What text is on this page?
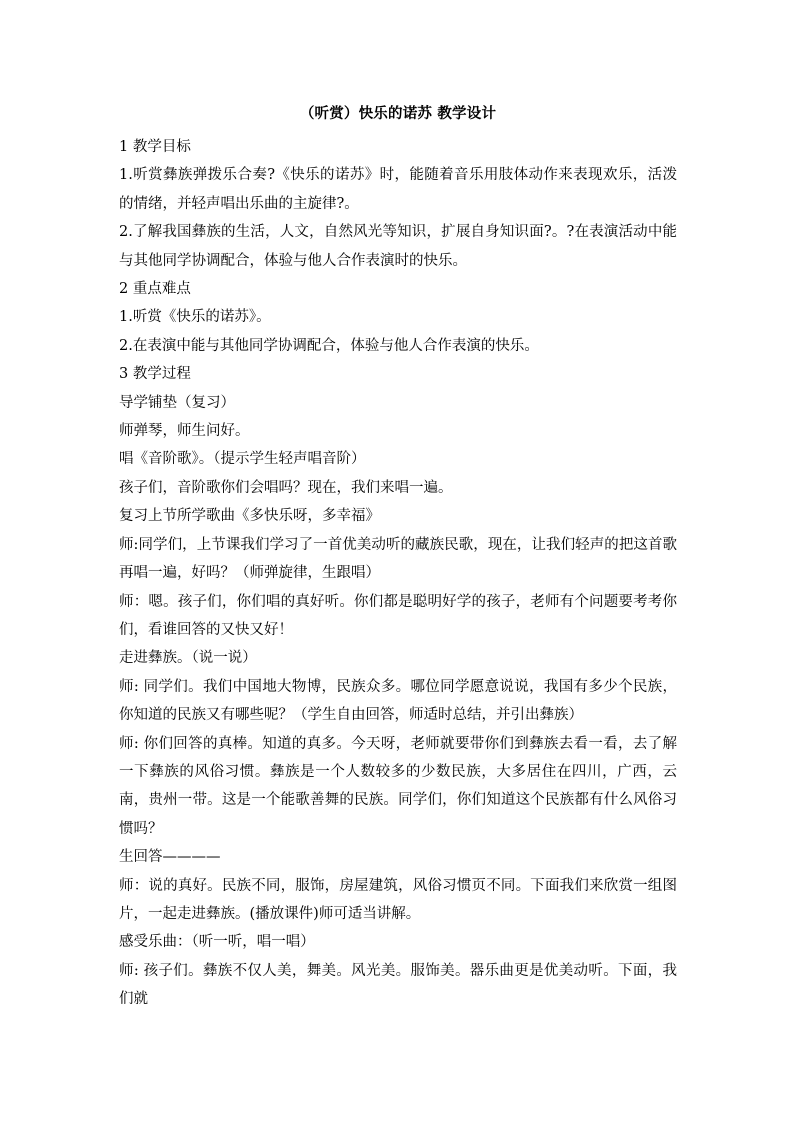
（听赏）快乐的诺苏 教学设计

1 教学目标

1.听赏彝族弹拨乐合奏?《快乐的诺苏》时，能随着音乐用肢体动作来表现欢乐，活泼的情绪，并轻声唱出乐曲的主旋律?。

2.了解我国彝族的生活，人文，自然风光等知识，扩展自身知识面?。?在表演活动中能与其他同学协调配合，体验与他人合作表演时的快乐。

2 重点难点

1.听赏《快乐的诺苏》。

2.在表演中能与其他同学协调配合，体验与他人合作表演的快乐。

3 教学过程

导学铺垫（复习）

师弹琴，师生问好。

唱《音阶歌》。（提示学生轻声唱音阶）

孩子们，音阶歌你们会唱吗？现在，我们来唱一遍。

复习上节所学歌曲《多快乐呀，多幸福》

师:同学们，上节课我们学习了一首优美动听的藏族民歌，现在，让我们轻声的把这首歌再唱一遍，好吗？（师弹旋律，生跟唱）

师：嗯。孩子们，你们唱的真好听。你们都是聪明好学的孩子，老师有个问题要考考你们，看谁回答的又快又好！

走进彝族。（说一说）

师: 同学们。我们中国地大物博，民族众多。哪位同学愿意说说，我国有多少个民族，你知道的民族又有哪些呢？（学生自由回答，师适时总结，并引出彝族）

师: 你们回答的真棒。知道的真多。今天呀，老师就要带你们到彝族去看一看，去了解一下彝族的风俗习惯。彝族是一个人数较多的少数民族，大多居住在四川，广西，云南，贵州一带。这是一个能歌善舞的民族。同学们，你们知道这个民族都有什么风俗习惯吗？

生回答————

师：说的真好。民族不同，服饰，房屋建筑，风俗习惯页不同。下面我们来欣赏一组图片，一起走进彝族。(播放课件)师可适当讲解。

感受乐曲：（听一听，唱一唱）

师: 孩子们。彝族不仅人美，舞美。风光美。服饰美。器乐曲更是优美动听。下面，我们就
